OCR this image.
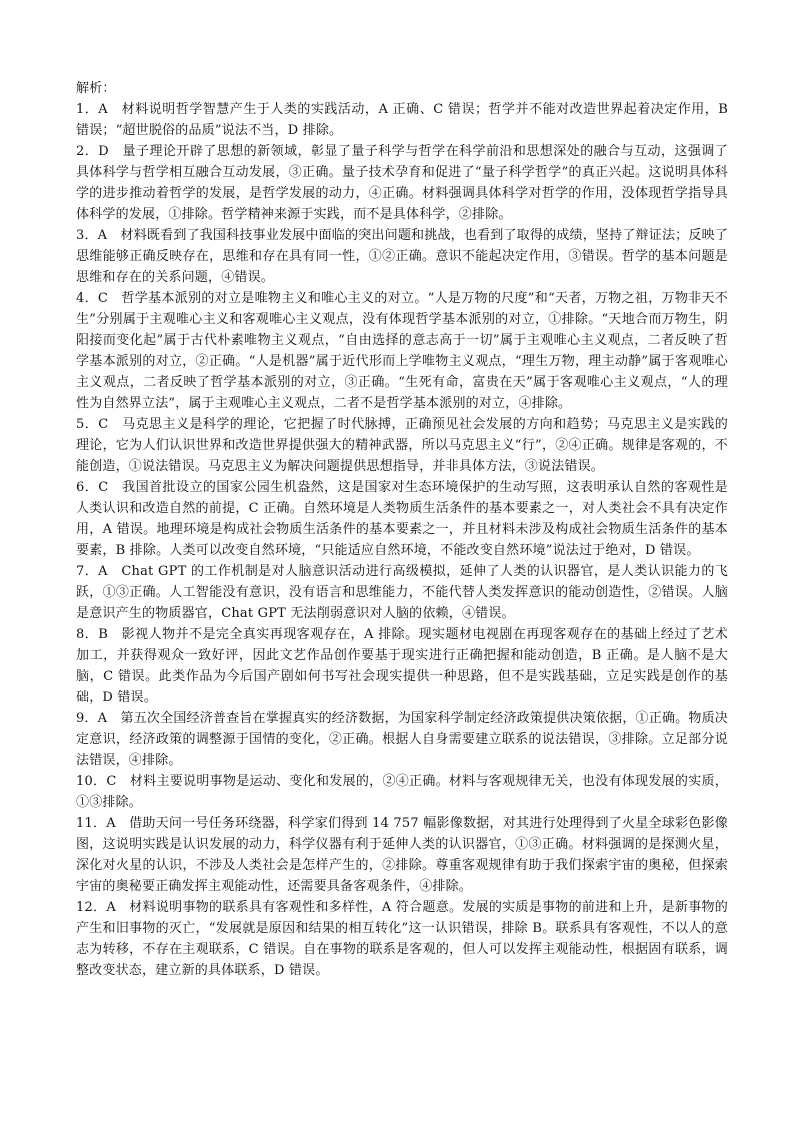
解析：

1．A　材料说明哲学智慧产生于人类的实践活动，A 正确、C 错误；哲学并不能对改造世界起着决定作用，B 错误；“超世脱俗的品质”说法不当，D 排除。

2．D　量子理论开辟了思想的新领域，彰显了量子科学与哲学在科学前沿和思想深处的融合与互动，这强调了具体科学与哲学相互融合互动发展，③正确。量子技术孕育和促进了“量子科学哲学”的真正兴起。这说明具体科学的进步推动着哲学的发展，是哲学发展的动力，④正确。材料强调具体科学对哲学的作用，没体现哲学指导具体科学的发展，①排除。哲学精神来源于实践，而不是具体科学，②排除。

3．A　材料既看到了我国科技事业发展中面临的突出问题和挑战，也看到了取得的成绩，坚持了辩证法；反映了思维能够正确反映存在，思维和存在具有同一性，①②正确。意识不能起决定作用，③错误。哲学的基本问题是思维和存在的关系问题，④错误。

4．C　哲学基本派别的对立是唯物主义和唯心主义的对立。“人是万物的尺度”和“天者，万物之祖，万物非天不生”分别属于主观唯心主义和客观唯心主义观点，没有体现哲学基本派别的对立，①排除。“天地合而万物生，阴阳接而变化起”属于古代朴素唯物主义观点，“自由选择的意志高于一切”属于主观唯心主义观点，二者反映了哲学基本派别的对立，②正确。“人是机器”属于近代形而上学唯物主义观点，“理生万物，理主动静”属于客观唯心主义观点，二者反映了哲学基本派别的对立，③正确。“生死有命，富贵在天”属于客观唯心主义观点，“人的理性为自然界立法”，属于主观唯心主义观点，二者不是哲学基本派别的对立，④排除。

5．C　马克思主义是科学的理论，它把握了时代脉搏，正确预见社会发展的方向和趋势；马克思主义是实践的理论，它为人们认识世界和改造世界提供强大的精神武器，所以马克思主义“行”，②④正确。规律是客观的，不能创造，①说法错误。马克思主义为解决问题提供思想指导，并非具体方法，③说法错误。

6．C　我国首批设立的国家公园生机盎然，这是国家对生态环境保护的生动写照，这表明承认自然的客观性是人类认识和改造自然的前提，C 正确。自然环境是人类物质生活条件的基本要素之一，对人类社会不具有决定作用，A 错误。地理环境是构成社会物质生活条件的基本要素之一，并且材料未涉及构成社会物质生活条件的基本要素，B 排除。人类可以改变自然环境，“只能适应自然环境，不能改变自然环境”说法过于绝对，D 错误。

7．A　Chat GPT 的工作机制是对人脑意识活动进行高级模拟，延伸了人类的认识器官，是人类认识能力的飞跃，①③正确。人工智能没有意识，没有语言和思维能力，不能代替人类发挥意识的能动创造性，②错误。人脑是意识产生的物质器官，Chat GPT 无法削弱意识对人脑的依赖，④错误。

8．B　影视人物并不是完全真实再现客观存在，A 排除。现实题材电视剧在再现客观存在的基础上经过了艺术加工，并获得观众一致好评，因此文艺作品创作要基于现实进行正确把握和能动创造，B 正确。是人脑不是大脑，C 错误。此类作品为今后国产剧如何书写社会现实提供一种思路，但不是实践基础，立足实践是创作的基础，D 错误。

9．A　第五次全国经济普查旨在掌握真实的经济数据，为国家科学制定经济政策提供决策依据，①正确。物质决定意识，经济政策的调整源于国情的变化，②正确。根据人自身需要建立联系的说法错误，③排除。立足部分说法错误，④排除。

10．C　材料主要说明事物是运动、变化和发展的，②④正确。材料与客观规律无关，也没有体现发展的实质，①③排除。

11．A　借助天问一号任务环绕器，科学家们得到 14 757 幅影像数据，对其进行处理得到了火星全球彩色影像图，这说明实践是认识发展的动力，科学仪器有利于延伸人类的认识器官，①③正确。材料强调的是探测火星，深化对火星的认识，不涉及人类社会是怎样产生的，②排除。尊重客观规律有助于我们探索宇宙的奥秘，但探索宇宙的奥秘要正确发挥主观能动性，还需要具备客观条件，④排除。

12．A　材料说明事物的联系具有客观性和多样性，A 符合题意。发展的实质是事物的前进和上升，是新事物的产生和旧事物的灭亡，“发展就是原因和结果的相互转化”这一认识错误，排除 B。联系具有客观性，不以人的意志为转移，不存在主观联系，C 错误。自在事物的联系是客观的，但人可以发挥主观能动性，根据固有联系，调整改变状态，建立新的具体联系，D 错误。
